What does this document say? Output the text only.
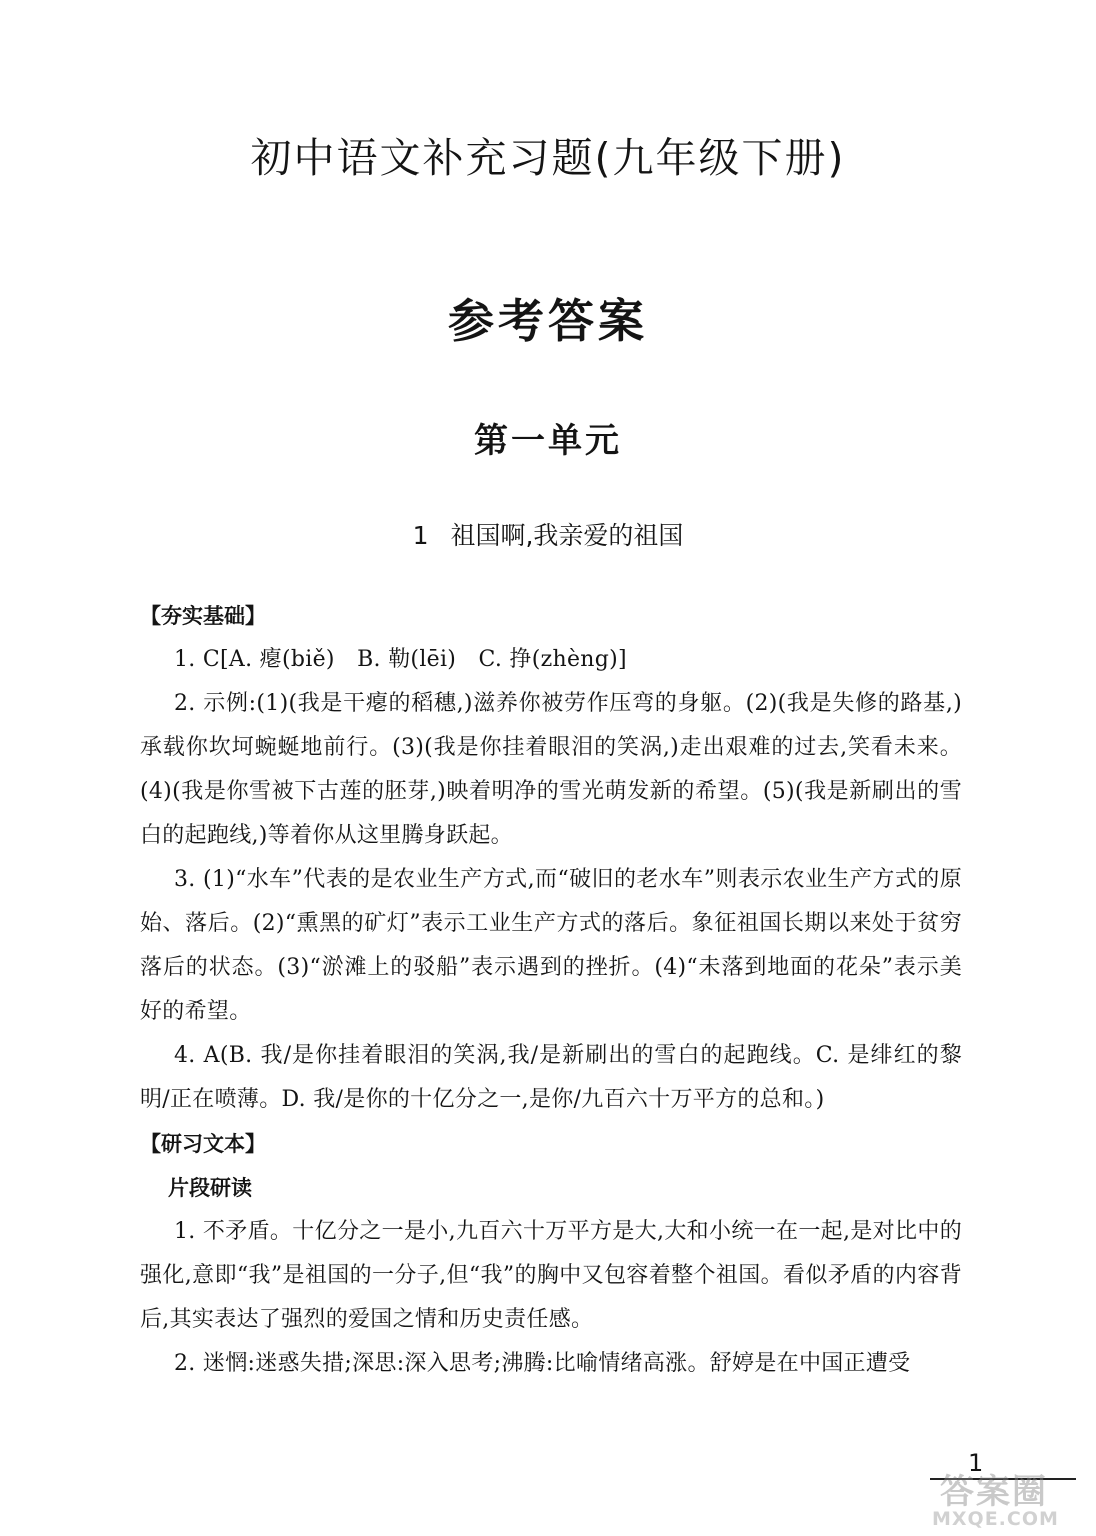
初中语文补充习题(九年级下册)
参考答案
第一单元
1 祖国啊,我亲爱的祖国
【夯实基础】

1. C[A. 瘪(biě)　B. 勒(lēi)　C. 挣(zhèng)]

2. 示例:(1)(我是干瘪的稻穗,)滋养你被劳作压弯的身躯。(2)(我是失修的路基,)承载你坎坷蜿蜒地前行。(3)(我是你挂着眼泪的笑涡,)走出艰难的过去,笑看未来。(4)(我是你雪被下古莲的胚芽,)映着明净的雪光萌发新的希望。(5)(我是新刷出的雪白的起跑线,)等着你从这里腾身跃起。

3. (1)“水车”代表的是农业生产方式,而“破旧的老水车”则表示农业生产方式的原始、落后。(2)“熏黑的矿灯”表示工业生产方式的落后。象征祖国长期以来处于贫穷落后的状态。(3)“淤滩上的驳船”表示遇到的挫折。(4)“未落到地面的花朵”表示美好的希望。

4. A(B. 我/是你挂着眼泪的笑涡,我/是新刷出的雪白的起跑线。C. 是绯红的黎明/正在喷薄。D. 我/是你的十亿分之一,是你/九百六十万平方的总和。)

【研习文本】
片段研读

1. 不矛盾。十亿分之一是小,九百六十万平方是大,大和小统一在一起,是对比中的强化,意即“我”是祖国的一分子,但“我”的胸中又包容着整个祖国。看似矛盾的内容背后,其实表达了强烈的爱国之情和历史责任感。

2. 迷惘:迷惑失措;深思:深入思考;沸腾:比喻情绪高涨。舒婷是在中国正遭受

1
答案圈
MXQE.COM
